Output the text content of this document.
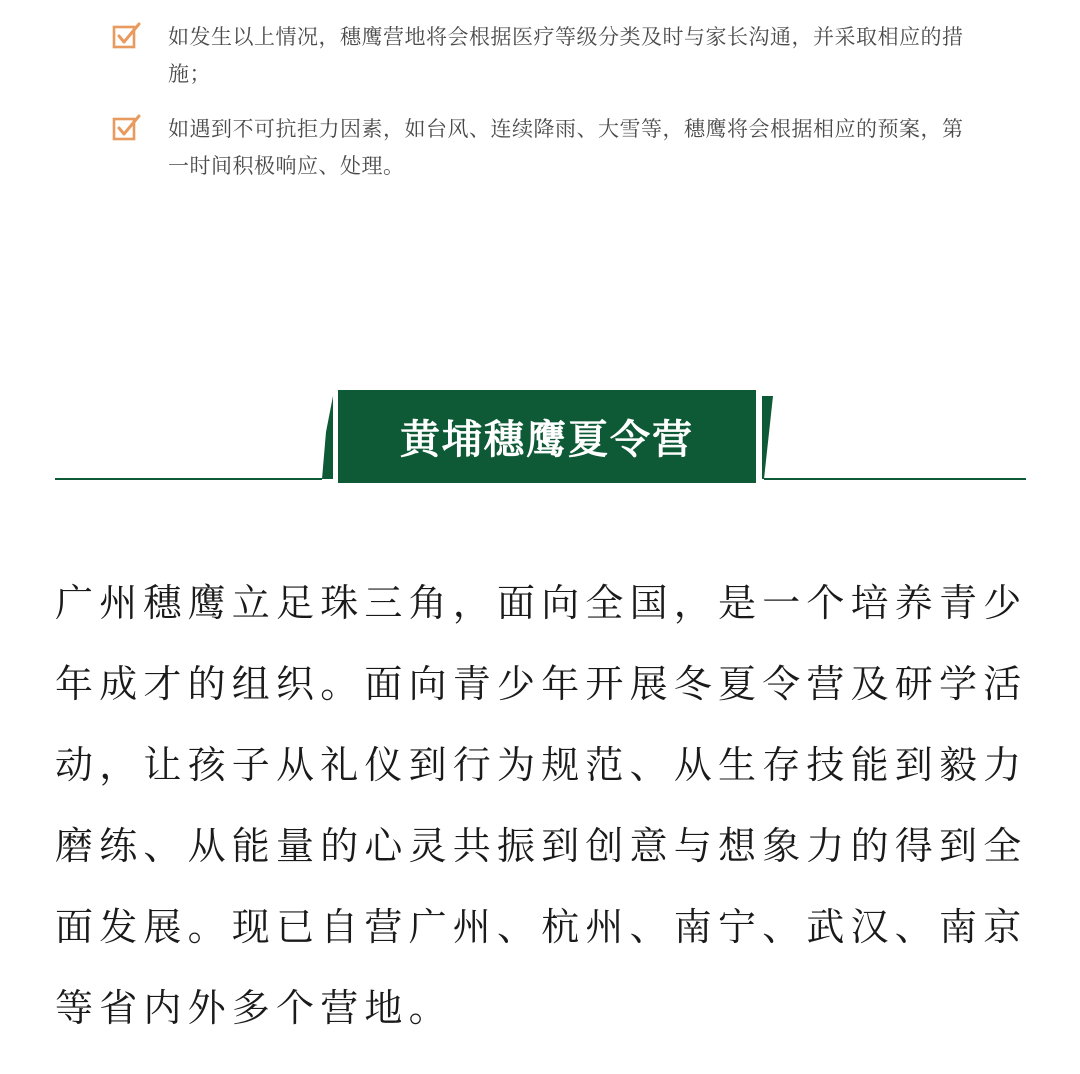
如发生以上情况，穗鹰营地将会根据医疗等级分类及时与家长沟通，并采取相应的措施；
如遇到不可抗拒力因素，如台风、连续降雨、大雪等，穗鹰将会根据相应的预案，第一时间积极响应、处理。
黄埔穗鹰夏令营
广州穗鹰立足珠三角，面向全国，是一个培养青少年成才的组织。面向青少年开展冬夏令营及研学活动，让孩子从礼仪到行为规范、从生存技能到毅力磨练、从能量的心灵共振到创意与想象力的得到全面发展。现已自营广州、杭州、南宁、武汉、南京等省内外多个营地。
